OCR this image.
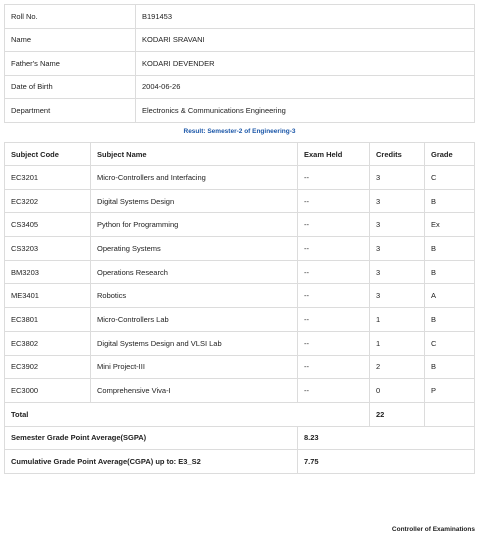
Roll No.	B191453
Name	KODARI SRAVANI
Father's Name	KODARI DEVENDER
Date of Birth	2004-06-26
Department	Electronics & Communications Engineering
Result: Semester-2 of Engineering-3
Subject Code	Subject Name	Exam Held	Credits	Grade
EC3201	Micro-Controllers and Interfacing	--	3	C
EC3202	Digital Systems Design	--	3	B
CS3405	Python for Programming	--	3	Ex
CS3203	Operating Systems	--	3	B
BM3203	Operations Research	--	3	B
ME3401	Robotics	--	3	A
EC3801	Micro-Controllers Lab	--	1	B
EC3802	Digital Systems Design and VLSI Lab	--	1	C
EC3902	Mini Project-III	--	2	B
EC3000	Comprehensive Viva-I	--	0	P
Total			22	
Semester Grade Point Average(SGPA)		8.23		
Cumulative Grade Point Average(CGPA) up to: E3_S2		7.75		
Controller of Examinations
